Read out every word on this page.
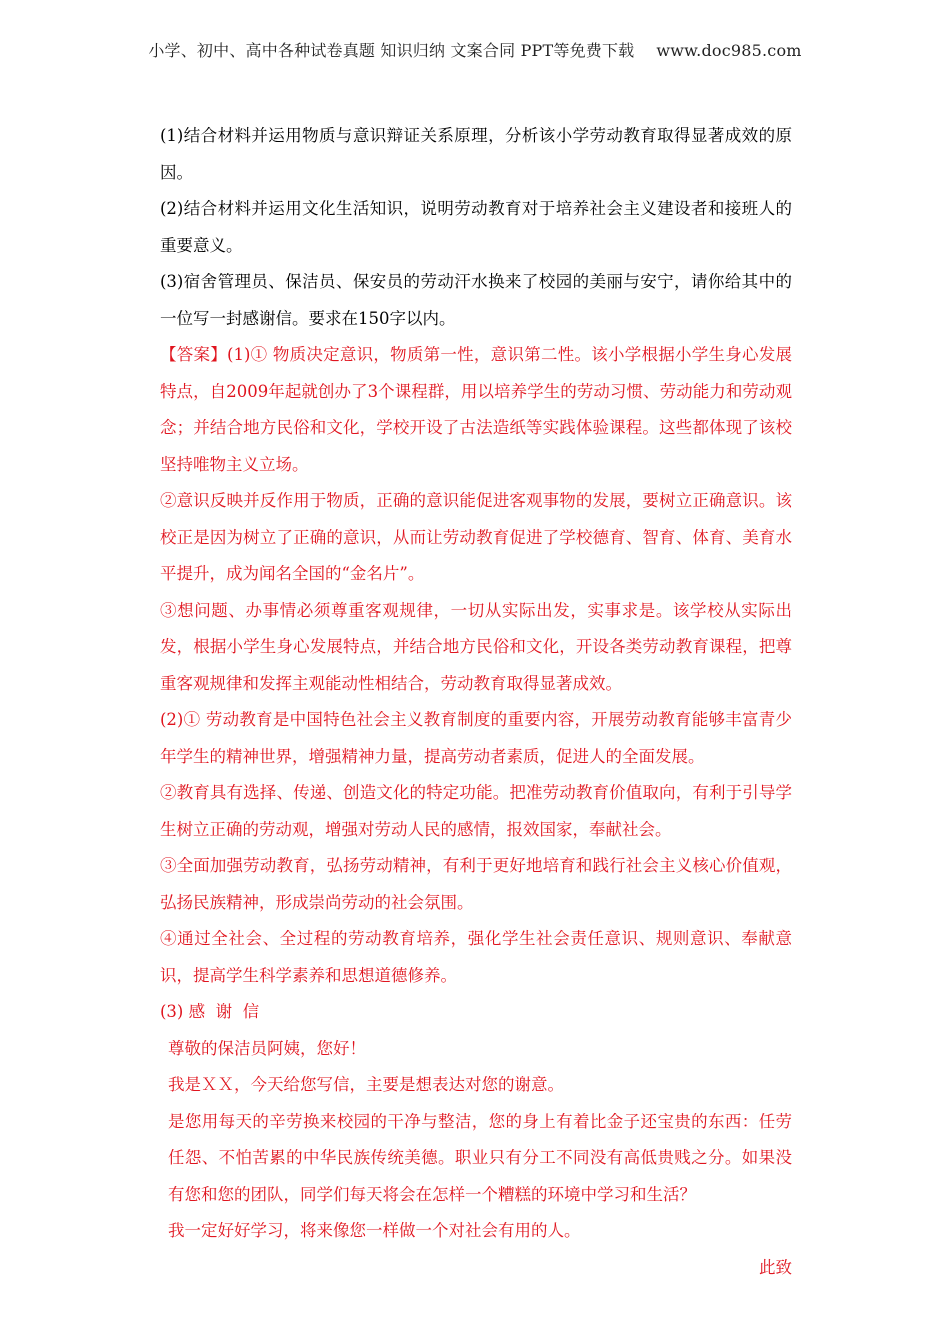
小学、初中、高中各种试卷真题 知识归纳 文案合同 PPT等免费下载 www.doc985.com

(1)结合材料并运用物质与意识辩证关系原理，分析该小学劳动教育取得显著成效的原因。

(2)结合材料并运用文化生活知识，说明劳动教育对于培养社会主义建设者和接班人的重要意义。

(3)宿舍管理员、保洁员、保安员的劳动汗水换来了校园的美丽与安宁，请你给其中的一位写一封感谢信。要求在150字以内。

【答案】(1)① 物质决定意识，物质第一性，意识第二性。该小学根据小学生身心发展特点，自2009年起就创办了3个课程群，用以培养学生的劳动习惯、劳动能力和劳动观念；并结合地方民俗和文化，学校开设了古法造纸等实践体验课程。这些都体现了该校坚持唯物主义立场。

②意识反映并反作用于物质，正确的意识能促进客观事物的发展，要树立正确意识。该校正是因为树立了正确的意识，从而让劳动教育促进了学校德育、智育、体育、美育水平提升，成为闻名全国的“金名片”。

③想问题、办事情必须尊重客观规律，一切从实际出发，实事求是。该学校从实际出发，根据小学生身心发展特点，并结合地方民俗和文化，开设各类劳动教育课程，把尊重客观规律和发挥主观能动性相结合，劳动教育取得显著成效。

(2)① 劳动教育是中国特色社会主义教育制度的重要内容，开展劳动教育能够丰富青少年学生的精神世界，增强精神力量，提高劳动者素质，促进人的全面发展。

②教育具有选择、传递、创造文化的特定功能。把准劳动教育价值取向，有利于引导学生树立正确的劳动观，增强对劳动人民的感情，报效国家，奉献社会。

③全面加强劳动教育，弘扬劳动精神，有利于更好地培育和践行社会主义核心价值观，弘扬民族精神，形成崇尚劳动的社会氛围。

④通过全社会、全过程的劳动教育培养，强化学生社会责任意识、规则意识、奉献意识，提高学生科学素养和思想道德修养。

(3) 感  谢  信

尊敬的保洁员阿姨，您好！

我是ＸＸ，今天给您写信，主要是想表达对您的谢意。

是您用每天的辛劳换来校园的干净与整洁，您的身上有着比金子还宝贵的东西：任劳任怨、不怕苦累的中华民族传统美德。职业只有分工不同没有高低贵贱之分。如果没有您和您的团队，同学们每天将会在怎样一个糟糕的环境中学习和生活？

我一定好好学习，将来像您一样做一个对社会有用的人。

此致
